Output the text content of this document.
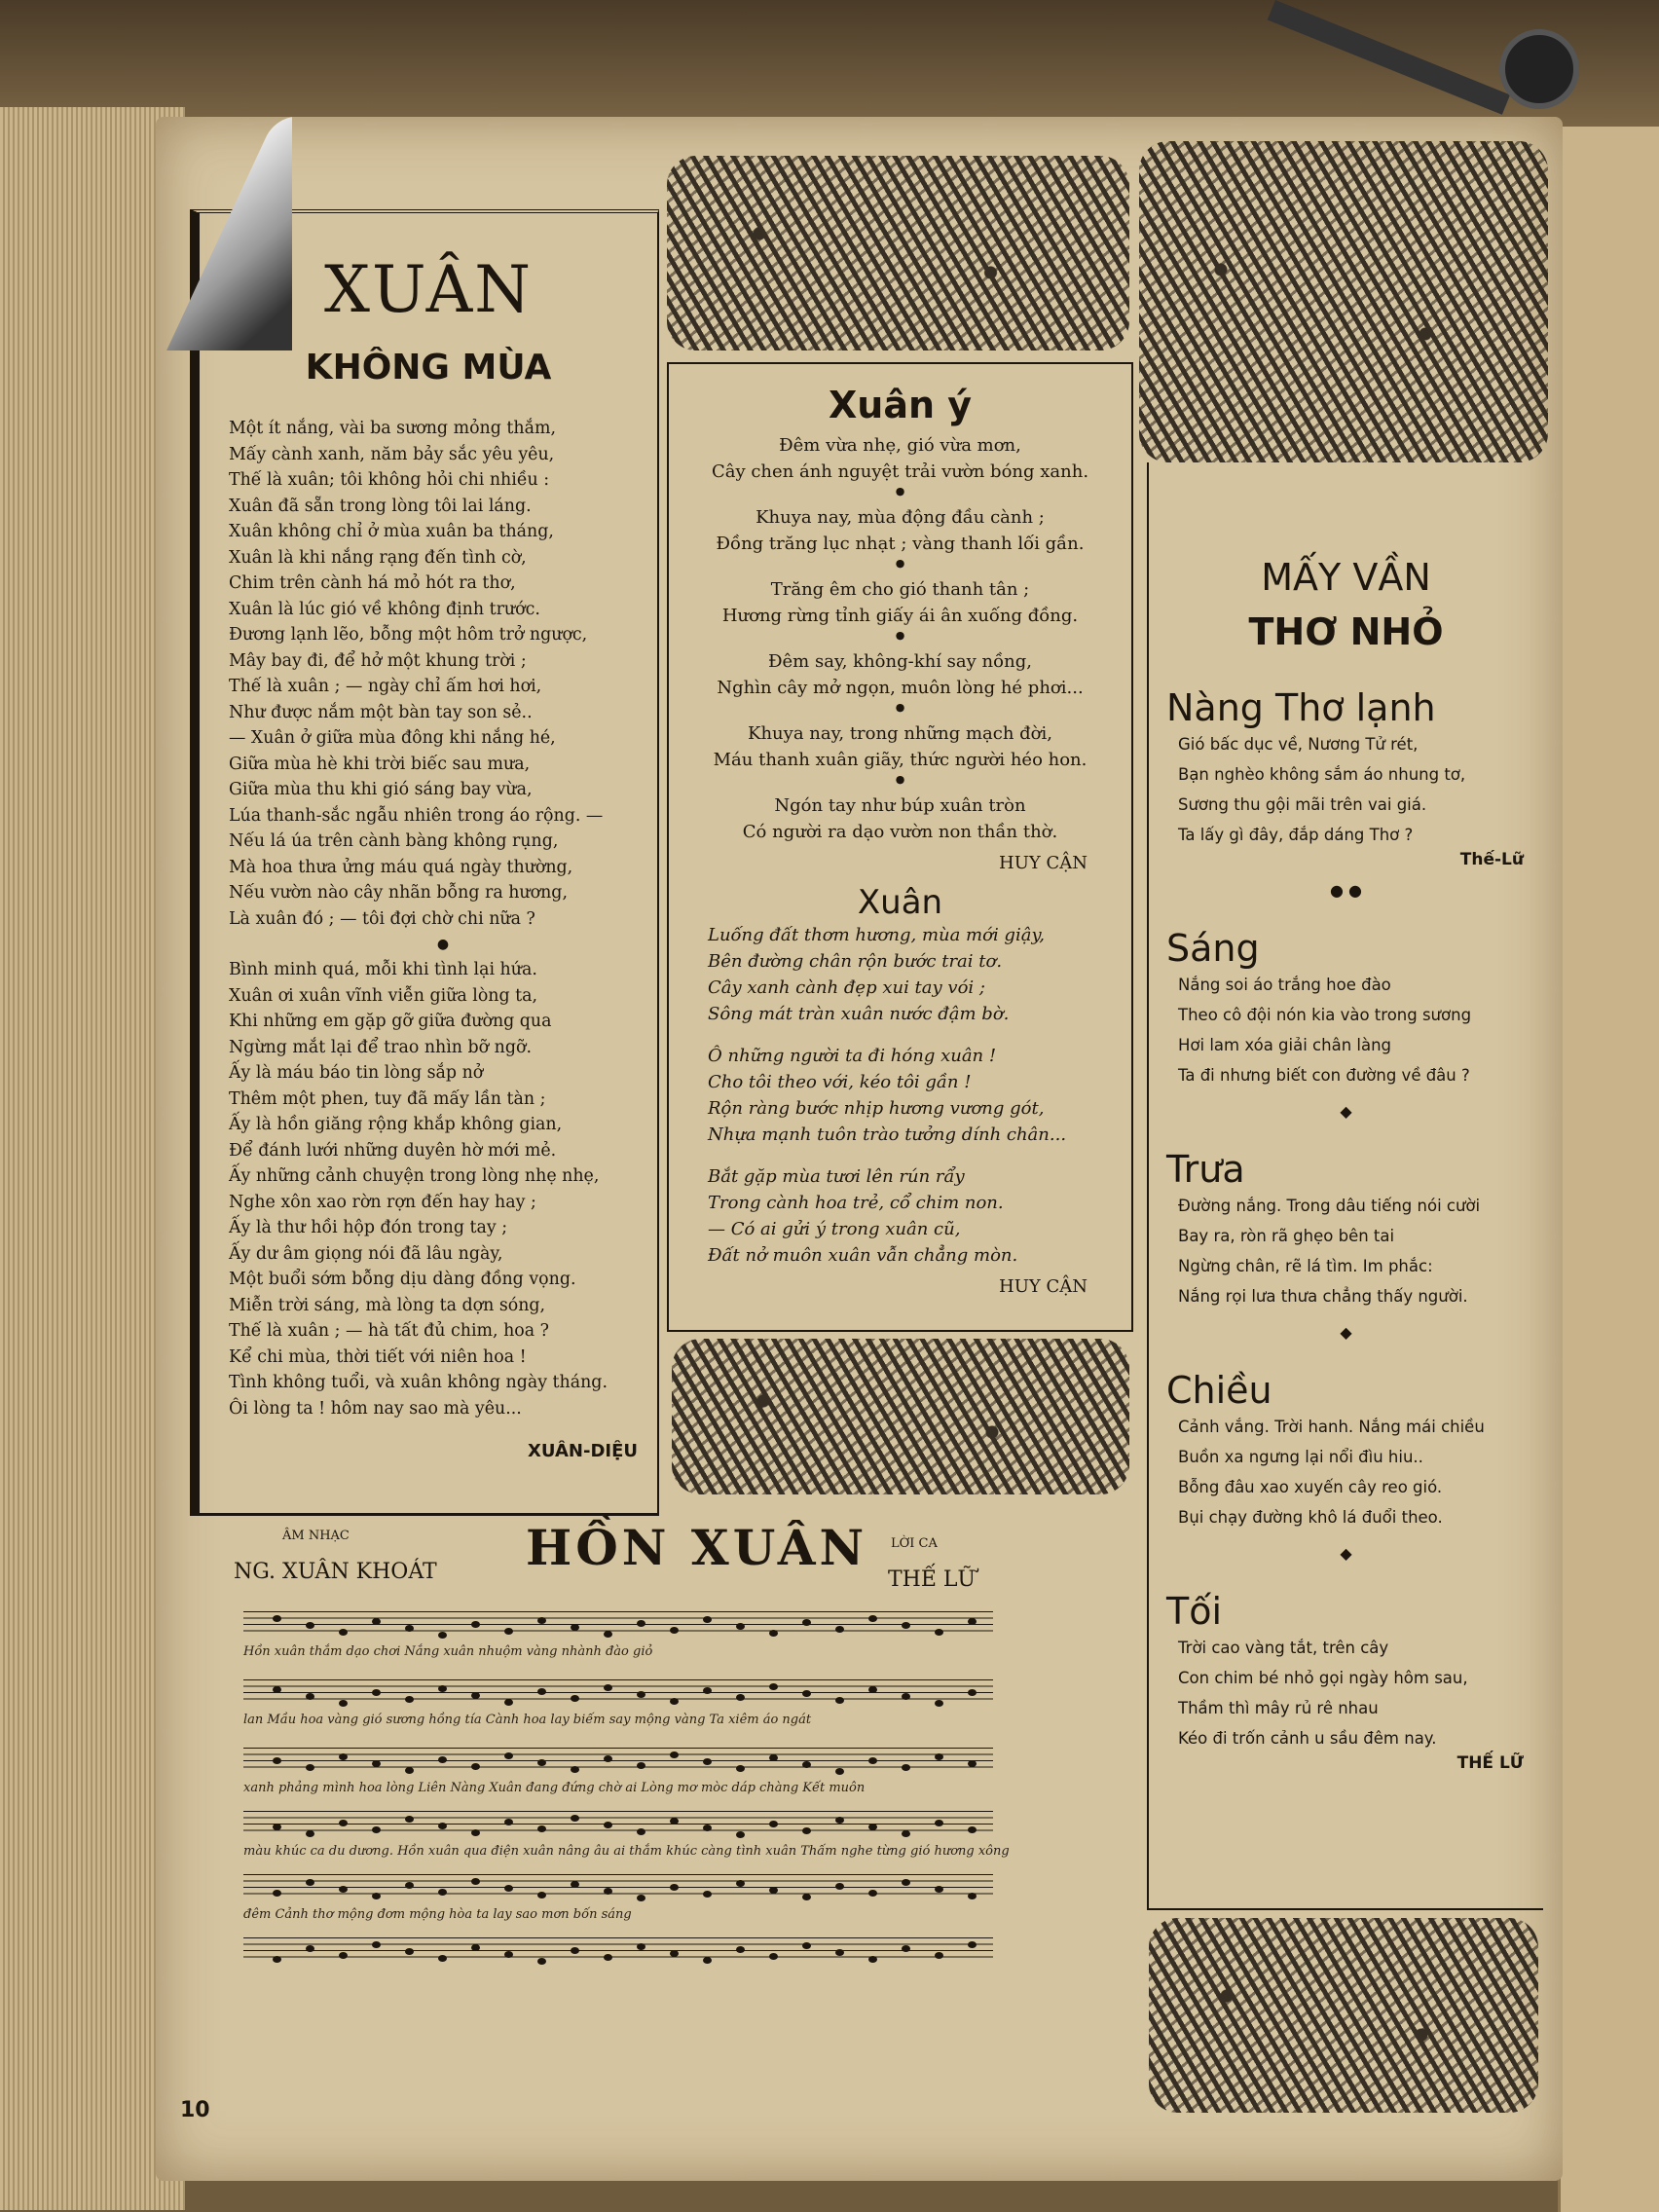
XUÂN
KHÔNG MÙA
Một ít nắng, vài ba sương mỏng thắm,
Mấy cành xanh, năm bảy sắc yêu yêu,
Thế là xuân; tôi không hỏi chi nhiều :
Xuân đã sẵn trong lòng tôi lai láng.
Xuân không chỉ ở mùa xuân ba tháng,
Xuân là khi nắng rạng đến tình cờ,
Chim trên cành há mỏ hót ra thơ,
Xuân là lúc gió về không định trước.
Đương lạnh lẽo, bỗng một hôm trở ngược,
Mây bay đi, để hở một khung trời ;
Thế là xuân ; — ngày chỉ ấm hơi hơi,
Như được nắm một bàn tay son sẻ..
— Xuân ở giữa mùa đông khi nắng hé,
Giữa mùa hè khi trời biếc sau mưa,
Giữa mùa thu khi gió sáng bay vừa,
Lúa thanh-sắc ngẫu nhiên trong áo rộng. —
Nếu lá úa trên cành bàng không rụng,
Mà hoa thưa ửng máu quá ngày thường,
Nếu vườn nào cây nhãn bỗng ra hương,
Là xuân đó ; — tôi đợi chờ chi nữa ?
●
Bình minh quá, mỗi khi tình lại hứa.
Xuân ơi xuân vĩnh viễn giữa lòng ta,
Khi những em gặp gỡ giữa đường qua
Ngừng mắt lại để trao nhìn bỡ ngỡ.
Ấy là máu báo tin lòng sắp nở
Thêm một phen, tuy đã mấy lần tàn ;
Ấy là hồn giăng rộng khắp không gian,
Để đánh lưới những duyên hờ mới mẻ.
Ấy những cảnh chuyện trong lòng nhẹ nhẹ,
Nghe xôn xao rờn rợn đến hay hay ;
Ấy là thư hồi hộp đón trong tay ;
Ấy dư âm giọng nói đã lâu ngày,
Một buổi sớm bỗng dịu dàng đồng vọng.
Miễn trời sáng, mà lòng ta dợn sóng,
Thế là xuân ; — hà tất đủ chim, hoa ?
Kể chi mùa, thời tiết với niên hoa !
Tình không tuổi, và xuân không ngày tháng.
Ôi lòng ta ! hôm nay sao mà yêu...
XUÂN-DIỆU
Xuân ý
Đêm vừa nhẹ, gió vừa mơn,
Cây chen ánh nguyệt trải vườn bóng xanh.
●
Khuya nay, mùa động đầu cành ;
Đồng trăng lục nhạt ; vàng thanh lối gần.
●
Trăng êm cho gió thanh tân ;
Hương rừng tỉnh giấy ái ân xuống đồng.
●
Đêm say, không-khí say nồng,
Nghìn cây mở ngọn, muôn lòng hé phơi...
●
Khuya nay, trong những mạch đời,
Máu thanh xuân giãy, thức người héo hon.
●
Ngón tay như búp xuân tròn
Có người ra dạo vườn non thần thờ.
HUY CẬN
Xuân
Luống đất thơm hương, mùa mới giậy,
Bên đường chân rộn bước trai tơ.
Cây xanh cành đẹp xui tay vói ;
Sông mát tràn xuân nước đậm bờ.
Ô những người ta đi hóng xuân !
Cho tôi theo với, kéo tôi gần !
Rộn ràng bước nhịp hương vương gót,
Nhựa mạnh tuôn trào tưởng dính chân...
Bắt gặp mùa tươi lên rún rẩy
Trong cành hoa trẻ, cổ chim non.
— Có ai gửi ý trong xuân cũ,
Đất nở muôn xuân vẫn chẳng mòn.
HUY CẬN
MẤY VẦN
THƠ NHỎ
Nàng Thơ lạnh
Gió bấc dục về, Nương Tử rét,
Bạn nghèo không sắm áo nhung tơ,
Sương thu gội mãi trên vai giá.
Ta lấy gì đây, đắp dáng Thơ ?
Thế-Lữ
● ●
Sáng
Nắng soi áo trắng hoe đào
Theo cô đội nón kia vào trong sương
Hơi lam xóa giải chân làng
Ta đi nhưng biết con đường về đâu ?
◆
Trưa
Đường nắng. Trong dâu tiếng nói cười
Bay ra, ròn rã ghẹo bên tai
Ngừng chân, rẽ lá tìm. Im phắc:
Nắng rọi lưa thưa chẳng thấy người.
◆
Chiều
Cảnh vắng. Trời hanh. Nắng mái chiều
Buồn xa ngưng lại nổi đìu hiu..
Bỗng đâu xao xuyến cây reo gió.
Bụi chạy đường khô lá đuổi theo.
◆
Tối
Trời cao vàng tắt, trên cây
Con chim bé nhỏ gọi ngày hôm sau,
Thầm thì mây rủ rê nhau
Kéo đi trốn cảnh u sầu đêm nay.
THẾ LỮ
ÂM NHẠC
NG. XUÂN KHOÁT HỒN XUÂN LỜI CA
THẾ LỮ
Hồn xuân thắm dạo chơi Nắng xuân nhuộm vàng nhành đào giỏ
lan Mầu hoa vàng gió sương hồng tía Cành hoa lay biếm say mộng vàng Ta xiêm áo ngát
xanh phảng mình hoa lòng Liên Nàng Xuân đang đứng chờ ai Lòng mơ mòc dáp chàng Kết muôn
màu khúc ca du dương. Hồn xuân qua điện xuân nâng âu ai thắm khúc càng tình xuân Thấm nghe từng gió hương xông
đêm Cảnh thơ mộng đơm mộng hòa ta lay sao mơn bốn sáng
10
